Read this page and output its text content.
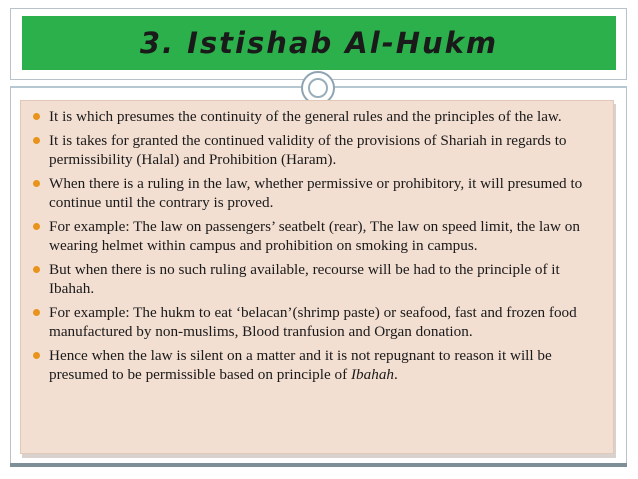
3. Istishab Al-Hukm
It is which presumes the continuity of the general rules and the principles of the law.
It is takes for granted the continued validity of the provisions of Shariah in regards to permissibility (Halal) and Prohibition (Haram).
When there is a ruling in the law, whether permissive or prohibitory, it will presumed to continue until the contrary is proved.
For example: The law on passengers’ seatbelt (rear), The law on speed limit, the law on wearing helmet within campus and prohibition on smoking in campus.
But when there is no such ruling available, recourse will be had to the principle of it Ibahah.
For example: The hukm to eat ‘belacan’(shrimp paste) or seafood, fast and frozen food manufactured by non-muslims, Blood tranfusion and Organ donation.
Hence when the law is silent on a matter and it is not repugnant to reason it will be presumed to be permissible based on principle of Ibahah.
